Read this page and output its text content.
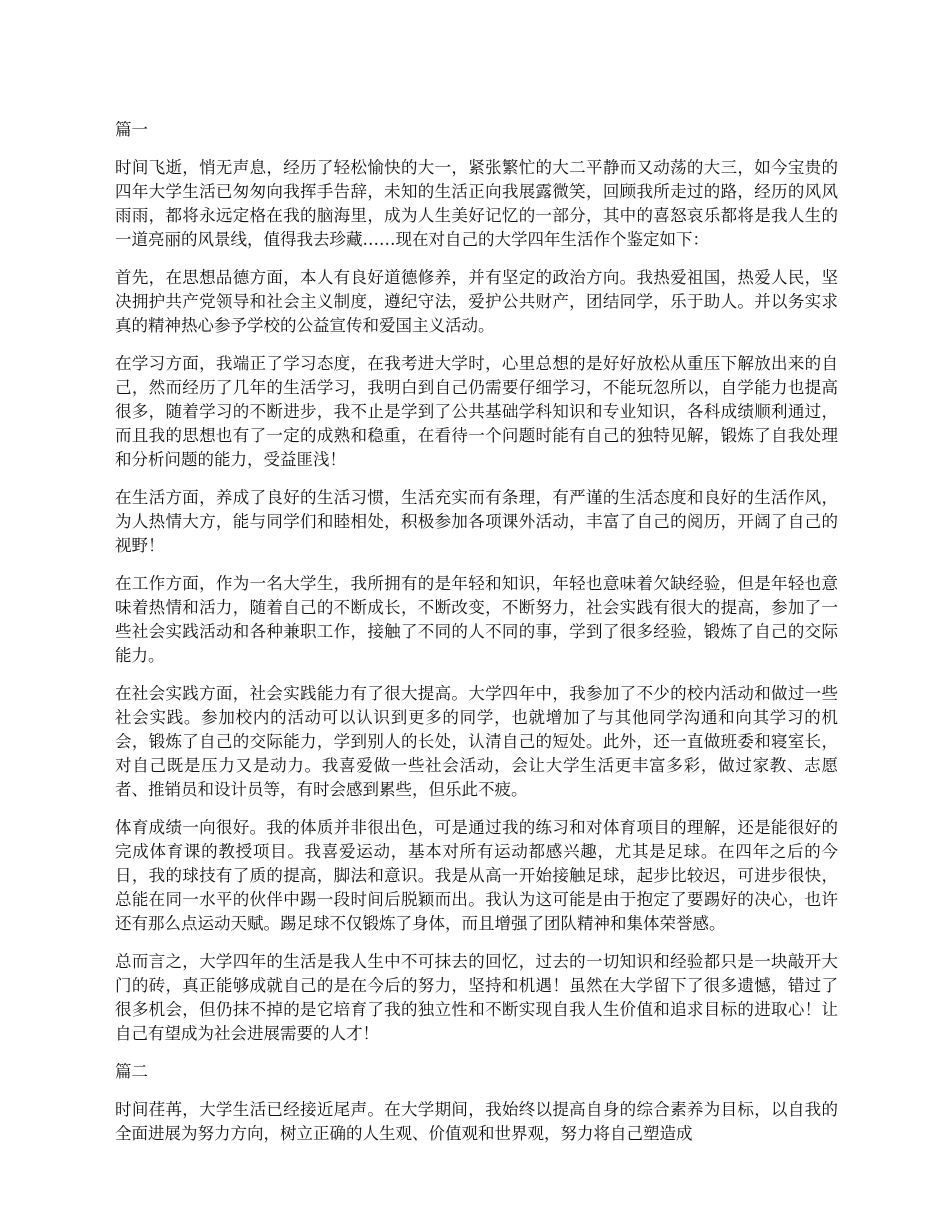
篇一

时间飞逝，悄无声息，经历了轻松愉快的大一，紧张繁忙的大二平静而又动荡的大三，如今宝贵的四年大学生活已匆匆向我挥手告辞，未知的生活正向我展露微笑，回顾我所走过的路，经历的风风雨雨，都将永远定格在我的脑海里，成为人生美好记忆的一部分，其中的喜怒哀乐都将是我人生的一道亮丽的风景线，值得我去珍藏……现在对自己的大学四年生活作个鉴定如下：

首先，在思想品德方面，本人有良好道德修养，并有坚定的政治方向。我热爱祖国，热爱人民，坚决拥护共产党领导和社会主义制度，遵纪守法，爱护公共财产，团结同学，乐于助人。并以务实求真的精神热心参予学校的公益宣传和爱国主义活动。

在学习方面，我端正了学习态度，在我考进大学时，心里总想的是好好放松从重压下解放出来的自己，然而经历了几年的生活学习，我明白到自己仍需要仔细学习，不能玩忽所以，自学能力也提高很多，随着学习的不断进步，我不止是学到了公共基础学科知识和专业知识，各科成绩顺利通过，而且我的思想也有了一定的成熟和稳重，在看待一个问题时能有自己的独特见解，锻炼了自我处理和分析问题的能力，受益匪浅！

在生活方面，养成了良好的生活习惯，生活充实而有条理，有严谨的生活态度和良好的生活作风，为人热情大方，能与同学们和睦相处，积极参加各项课外活动，丰富了自己的阅历，开阔了自己的视野！

在工作方面，作为一名大学生，我所拥有的是年轻和知识，年轻也意味着欠缺经验，但是年轻也意味着热情和活力，随着自己的不断成长，不断改变，不断努力，社会实践有很大的提高，参加了一些社会实践活动和各种兼职工作，接触了不同的人不同的事，学到了很多经验，锻炼了自己的交际能力。

在社会实践方面，社会实践能力有了很大提高。大学四年中，我参加了不少的校内活动和做过一些社会实践。参加校内的活动可以认识到更多的同学，也就增加了与其他同学沟通和向其学习的机会，锻炼了自己的交际能力，学到别人的长处，认清自己的短处。此外，还一直做班委和寝室长，对自己既是压力又是动力。我喜爱做一些社会活动，会让大学生活更丰富多彩，做过家教、志愿者、推销员和设计员等，有时会感到累些，但乐此不疲。

体育成绩一向很好。我的体质并非很出色，可是通过我的练习和对体育项目的理解，还是能很好的完成体育课的教授项目。我喜爱运动，基本对所有运动都感兴趣，尤其是足球。在四年之后的今日，我的球技有了质的提高，脚法和意识。我是从高一开始接触足球，起步比较迟，可进步很快，总能在同一水平的伙伴中踢一段时间后脱颖而出。我认为这可能是由于抱定了要踢好的决心，也许还有那么点运动天赋。踢足球不仅锻炼了身体，而且增强了团队精神和集体荣誉感。

总而言之，大学四年的生活是我人生中不可抹去的回忆，过去的一切知识和经验都只是一块敲开大门的砖，真正能够成就自己的是在今后的努力，坚持和机遇！虽然在大学留下了很多遗憾，错过了很多机会，但仍抹不掉的是它培育了我的独立性和不断实现自我人生价值和追求目标的进取心！让自己有望成为社会进展需要的人才！

篇二

时间荏苒，大学生活已经接近尾声。在大学期间，我始终以提高自身的综合素养为目标，以自我的全面进展为努力方向，树立正确的人生观、价值观和世界观，努力将自己塑造成
